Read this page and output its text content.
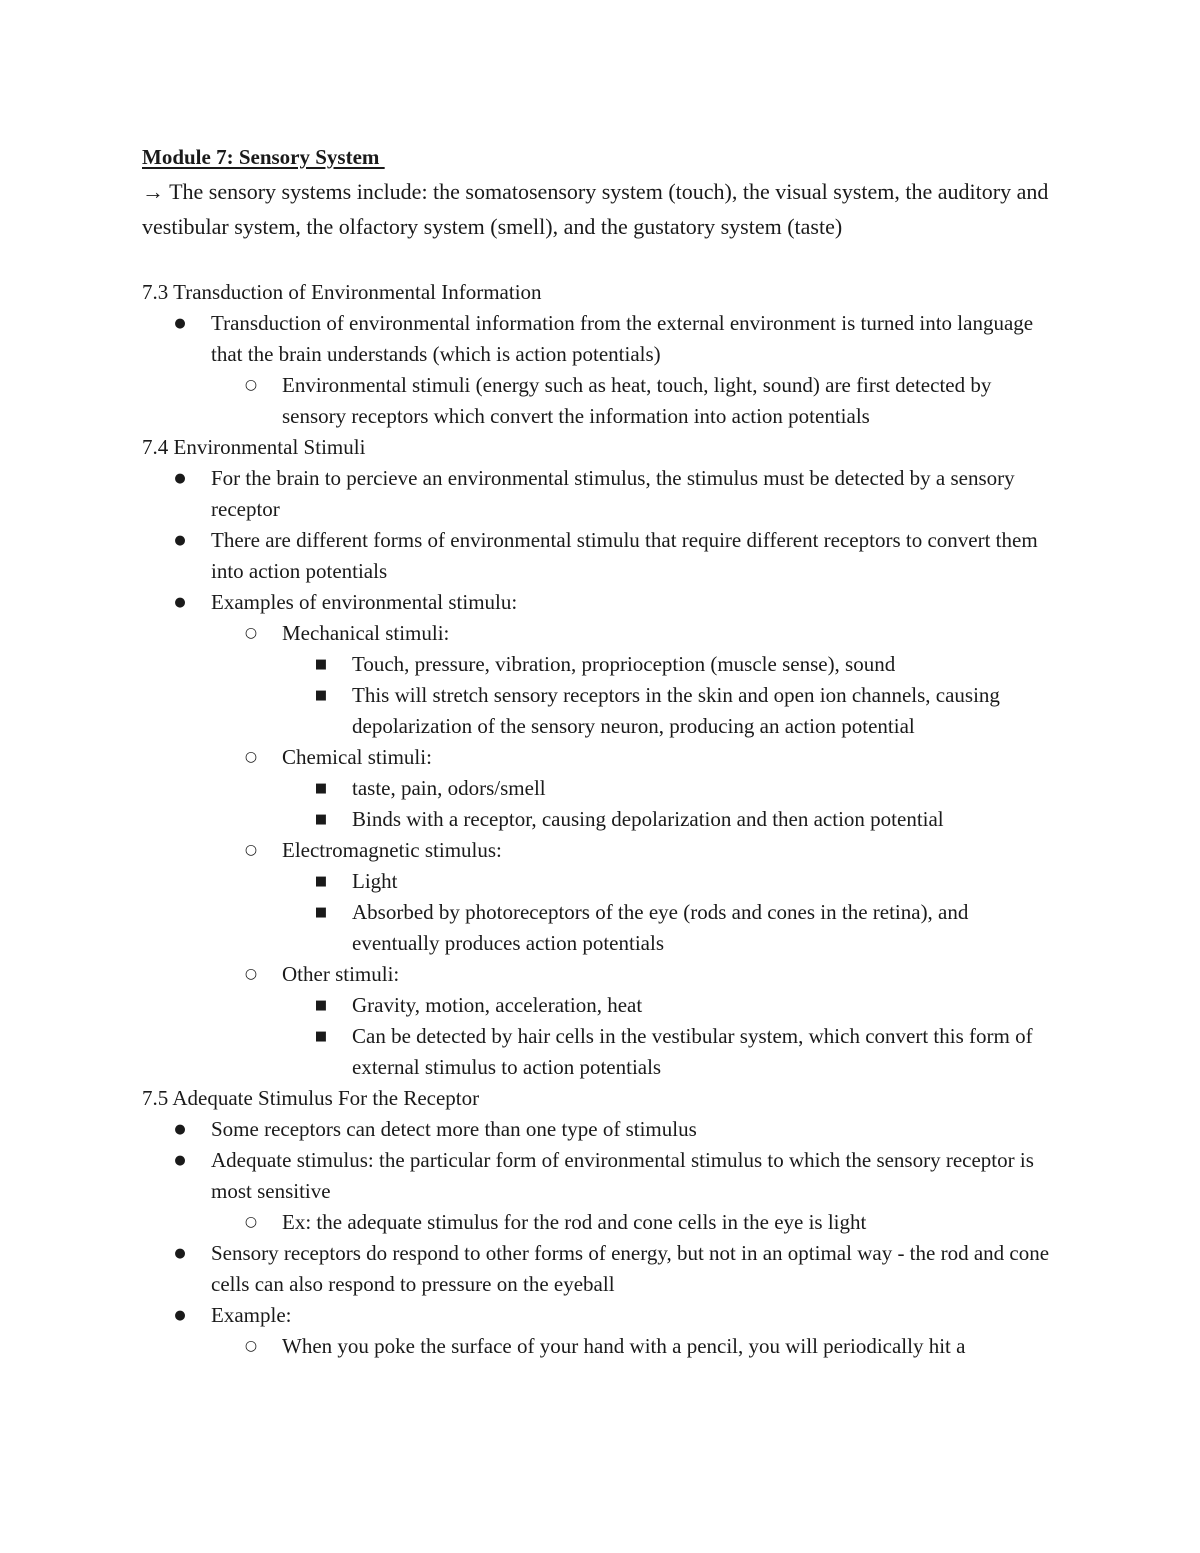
Module 7: Sensory System

→ The sensory systems include: the somatosensory system (touch), the visual system, the auditory and vestibular system, the olfactory system (smell), and the gustatory system (taste)

7.3 Transduction of Environmental Information

● Transduction of environmental information from the external environment is turned into language that the brain understands (which is action potentials)
○ Environmental stimuli (energy such as heat, touch, light, sound) are first detected by sensory receptors which convert the information into action potentials

7.4 Environmental Stimuli

● For the brain to percieve an environmental stimulus, the stimulus must be detected by a sensory receptor
● There are different forms of environmental stimulu that require different receptors to convert them into action potentials
● Examples of environmental stimulu:
○ Mechanical stimuli:
■ Touch, pressure, vibration, proprioception (muscle sense), sound
■ This will stretch sensory receptors in the skin and open ion channels, causing depolarization of the sensory neuron, producing an action potential
○ Chemical stimuli:
■ taste, pain, odors/smell
■ Binds with a receptor, causing depolarization and then action potential
○ Electromagnetic stimulus:
■ Light
■ Absorbed by photoreceptors of the eye (rods and cones in the retina), and eventually produces action potentials
○ Other stimuli:
■ Gravity, motion, acceleration, heat
■ Can be detected by hair cells in the vestibular system, which convert this form of external stimulus to action potentials

7.5 Adequate Stimulus For the Receptor

● Some receptors can detect more than one type of stimulus
● Adequate stimulus: the particular form of environmental stimulus to which the sensory receptor is most sensitive
○ Ex: the adequate stimulus for the rod and cone cells in the eye is light
● Sensory receptors do respond to other forms of energy, but not in an optimal way - the rod and cone cells can also respond to pressure on the eyeball
● Example:
○ When you poke the surface of your hand with a pencil, you will periodically hit a
